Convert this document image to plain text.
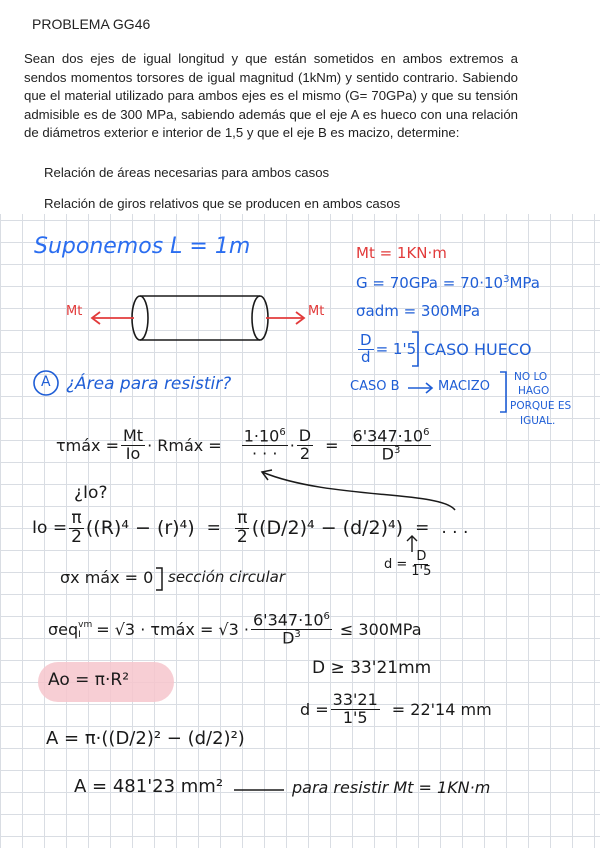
PROBLEMA GG46

Sean dos ejes de igual longitud y que están sometidos en ambos extremos a sendos momentos torsores de igual magnitud (1kNm) y sentido contrario. Sabiendo que el material utilizado para ambos ejes es el mismo (G= 70GPa) y que su tensión admisible es de 300 MPa, sabiendo además que el eje A es hueco con una relación de diámetros exterior e interior de 1,5 y que el eje B es macizo, determine:

Relación de áreas necesarias para ambos casos
Relación de giros relativos que se producen en ambos casos
Suponemos L = 1m	Mt = 1KN·m
$G = 70GPa = 70\cdot 10^3MPa$
σadm = 300MPa
$\frac{D}{d} = 1'5$ CASO HUECO
CASO B	MACIZO
NO LO
HAGO
PORQUE ES
IGUAL.
Mt	Mt
A ¿Área para resistir?
τmáx = $\frac{Mt}{Io}$ · Rmáx = $\frac{1\cdot 10^6}{\cdot \cdot \cdot} \cdot \frac{D}{2} = \frac{6'347\cdot 10^6}{D^3}$
¿Io?
$Io = \frac{\pi}{2} ((R)^4 - (r)^4) = \frac{\pi}{2} ((D/2)^4 - (d/2)^4)$ = . . .
$d = \frac{D}{1'5}$
σx máx = 0 sección circular
σeq vm
I = √3 · τmáx = $√3 \cdot \frac{6'347\cdot 10^6}{D^3} \le 300MPa$
D ≥ 33'21mm
Ao = π·R²
$d = \frac{33'21}{1'5} = 22'14$ mm
A = π·((D/2)² − (d/2)²)
A = 481'23 mm²	para resistir Mt = 1KN·m
